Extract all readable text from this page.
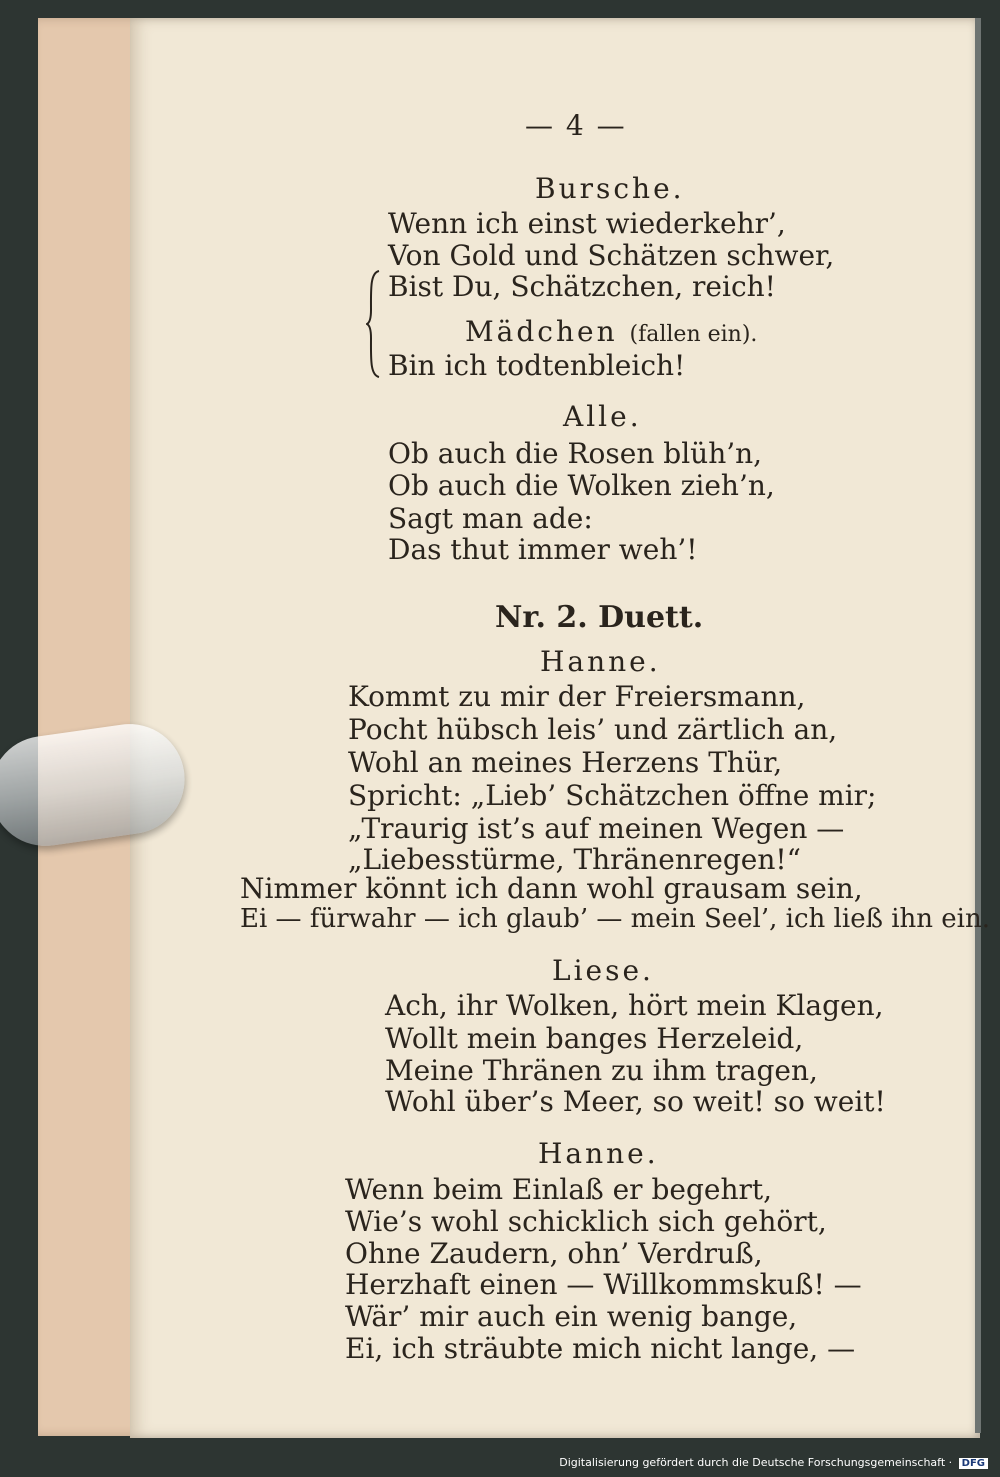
— 4 —
Bursche.
Wenn ich einst wiederkehr’,
Von Gold und Schätzen schwer,
Bist Du, Schätzchen, reich!
Mädchen (fallen ein).
Bin ich todtenbleich!
Alle.
Ob auch die Rosen blüh’n,
Ob auch die Wolken zieh’n,
Sagt man ade:
Das thut immer weh’!
Nr. 2. Duett.
Hanne.
Kommt zu mir der Freiersmann,
Pocht hübsch leis’ und zärtlich an,
Wohl an meines Herzens Thür,
Spricht: „Lieb’ Schätzchen öffne mir;
„Traurig ist’s auf meinen Wegen —
„Liebesstürme, Thränenregen!“
Nimmer könnt ich dann wohl grausam sein,
Ei — fürwahr — ich glaub’ — mein Seel’, ich ließ ihn ein.
Liese.
Ach, ihr Wolken, hört mein Klagen,
Wollt mein banges Herzeleid,
Meine Thränen zu ihm tragen,
Wohl über’s Meer, so weit! so weit!
Hanne.
Wenn beim Einlaß er begehrt,
Wie’s wohl schicklich sich gehört,
Ohne Zaudern, ohn’ Verdruß,
Herzhaft einen — Willkommskuß! —
Wär’ mir auch ein wenig bange,
Ei, ich sträubte mich nicht lange, —
Digitalisierung gefördert durch die Deutsche Forschungsgemeinschaft · DFG
